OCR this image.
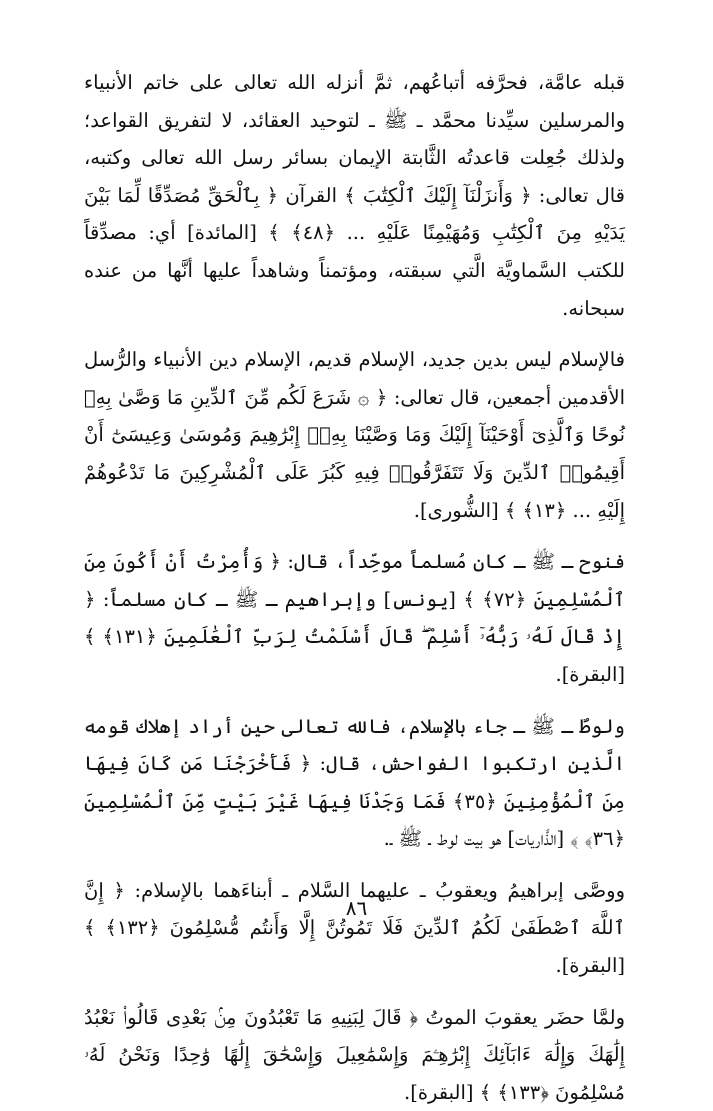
قبله عامَّة، فحرَّفه أتباعُهم، ثمَّ أنزله الله تعالى على خاتم الأنبياء والمرسلين سيِّدنا محمَّد ـ ﷺ ـ لتوحيد العقائد، لا لتفريق القواعد؛ ولذلك جُعِلت قاعدتُه الثَّابتة الإيمان بسائر رسل الله تعالى وكتبه، قال تعالى: ﴿ وَأَنزَلْنَآ إِلَيْكَ ٱلْكِتَٰبَ ﴾ القرآن ﴿ بِٱلْحَقِّ مُصَدِّقًا لِّمَا بَيْنَ يَدَيْهِ مِنَ ٱلْكِتَٰبِ وَمُهَيْمِنًا عَلَيْهِ ... ﴿٤٨﴾ ﴾ [المائدة] أي: مصدِّقاً للكتب السَّماويَّة الَّتي سبقته، ومؤتمناً وشاهداً عليها أنَّها من عنده سبحانه.

فالإسلام ليس بدين جديد، الإسلام قديم، الإسلام دين الأنبياء والرُّسل الأقدمين أجمعين، قال تعالى: ﴿ ۞ شَرَعَ لَكُم مِّنَ ٱلدِّينِ مَا وَصَّىٰ بِهِۦ نُوحًا وَٱلَّذِىٓ أَوْحَيْنَآ إِلَيْكَ وَمَا وَصَّيْنَا بِهِۦٓ إِبْرَٰهِيمَ وَمُوسَىٰ وَعِيسَىٰٓ أَنْ أَقِيمُوا۟ ٱلدِّينَ وَلَا تَتَفَرَّقُوا۟ فِيهِ كَبُرَ عَلَى ٱلْمُشْرِكِينَ مَا تَدْعُوهُمْ إِلَيْهِ ... ﴿١٣﴾ ﴾ [الشُّورى].

فنوح ـ ﷺ ـ كان مُسلماً موحِّداً، قال: ﴿ وَأُمِرْتُ أَنْ أَكُونَ مِنَ ٱلْمُسْلِمِينَ ﴿٧٢﴾ ﴾ [يونس] وإبراهيم ـ ﷺ ـ كان مسلماً: ﴿ إِذْ قَالَ لَهُۥ رَبُّهُۥٓ أَسْلِمْ ۖ قَالَ أَسْلَمْتُ لِرَبِّ ٱلْعَٰلَمِينَ ﴿١٣١﴾ ﴾ [البقرة].

ولوطٌ ـ ﷺ ـ جاء بالإسلام، فالله تعالى حين أراد إهلاك قومه الَّذين ارتكبوا الفواحش، قال: ﴿ فَأَخْرَجْنَا مَن كَانَ فِيهَا مِنَ ٱلْمُؤْمِنِينَ ﴿٣٥﴾ فَمَا وَجَدْنَا فِيهَا غَيْرَ بَيْتٍ مِّنَ ٱلْمُسْلِمِينَ ﴿٣٦﴾ ﴾ [الذَّاريات] هو بيت لوط ـ ﷺ ـ.

ووصَّى إبراهيمُ ويعقوبُ ـ عليهما السَّلام ـ أبناءَهما بالإسلام: ﴿ إِنَّ ٱللَّهَ ٱصْطَفَىٰ لَكُمُ ٱلدِّينَ فَلَا تَمُوتُنَّ إِلَّا وَأَنتُم مُّسْلِمُونَ ﴿١٣٢﴾ ﴾ [البقرة].

ولمَّا حضَر يعقوبَ الموتُ ﴿ قَالَ لِبَنِيهِ مَا تَعْبُدُونَ مِنۢ بَعْدِى قَالُوا۟ نَعْبُدُ إِلَٰهَكَ وَإِلَٰهَ ءَابَآئِكَ إِبْرَٰهِـۧمَ وَإِسْمَٰعِيلَ وَإِسْحَٰقَ إِلَٰهًا وَٰحِدًا وَنَحْنُ لَهُۥ مُسْلِمُونَ ﴿١٣٣﴾ ﴾ [البقرة].

٨٦
